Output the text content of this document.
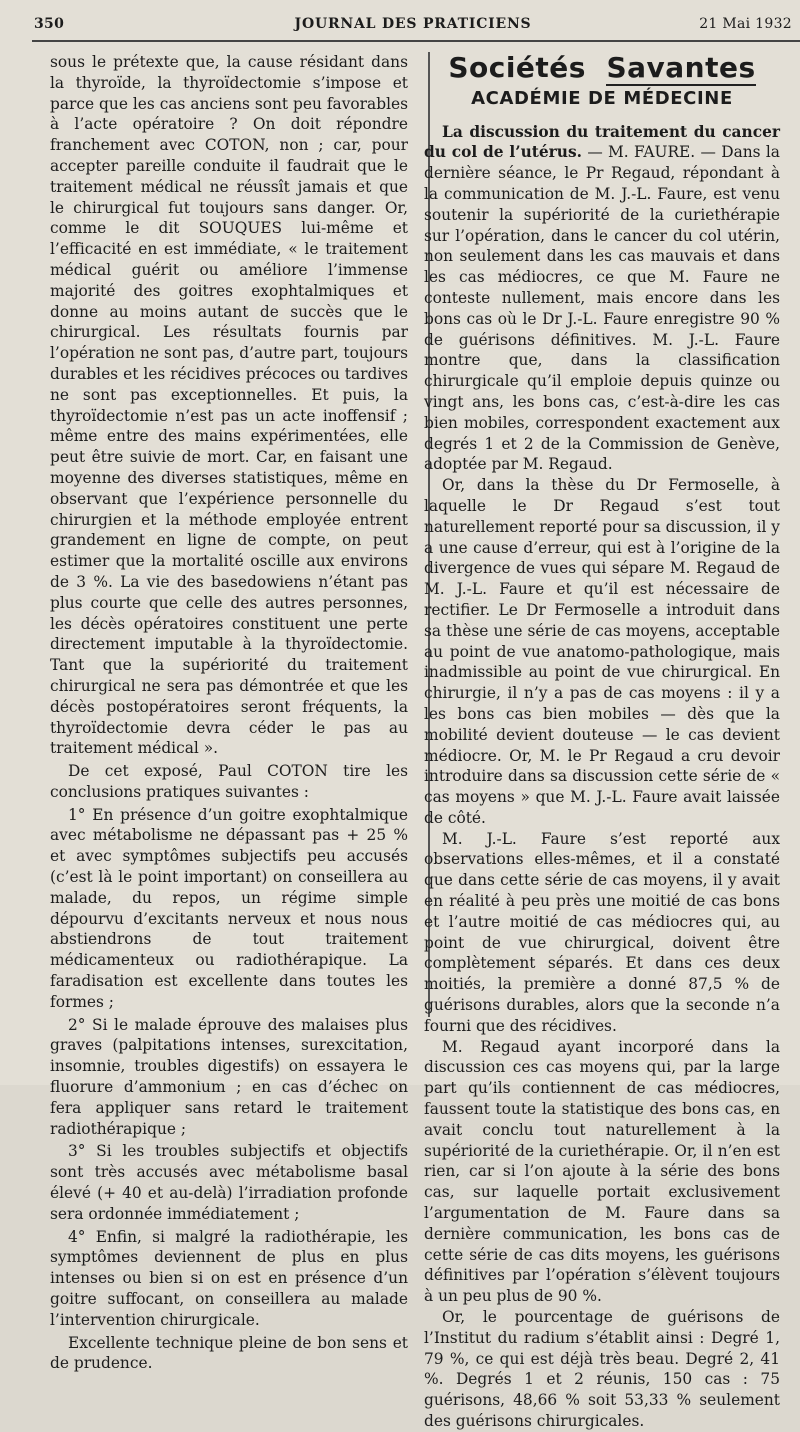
350	JOURNAL DES PRATICIENS	21 Mai 1932

sous le prétexte que, la cause résidant dans la thyroïde, la thyroïdectomie s’impose et parce que les cas anciens sont peu favorables à l’acte opératoire ? On doit répondre franchement avec COTON, non ; car, pour accepter pareille conduite il faudrait que le traitement médical ne réussît jamais et que le chirurgical fut toujours sans danger. Or, comme le dit SOUQUES lui-même et l’efficacité en est immédiate, « le traitement médical guérit ou améliore l’immense majorité des goitres exophtalmiques et donne au moins autant de succès que le chirurgical. Les résultats fournis par l’opération ne sont pas, d’autre part, toujours durables et les récidives précoces ou tardives ne sont pas exceptionnelles. Et puis, la thyroïdectomie n’est pas un acte inoffensif ; même entre des mains expérimentées, elle peut être suivie de mort. Car, en faisant une moyenne des diverses statistiques, même en observant que l’expérience personnelle du chirurgien et la méthode employée entrent grandement en ligne de compte, on peut estimer que la mortalité oscille aux environs de 3 %. La vie des basedowiens n’étant pas plus courte que celle des autres personnes, les décès opératoires constituent une perte directement imputable à la thyroïdectomie. Tant que la supériorité du traitement chirurgical ne sera pas démontrée et que les décès postopératoires seront fréquents, la thyroïdectomie devra céder le pas au traitement médical ».

De cet exposé, Paul COTON tire les conclusions pratiques suivantes :

1° En présence d’un goitre exophtalmique avec métabolisme ne dépassant pas + 25 % et avec symptômes subjectifs peu accusés (c’est là le point important) on conseillera au malade, du repos, un régime simple dépourvu d’excitants nerveux et nous nous abstiendrons de tout traitement médicamenteux ou radiothérapique. La faradisation est excellente dans toutes les formes ;

2° Si le malade éprouve des malaises plus graves (palpitations intenses, surexcitation, insomnie, troubles digestifs) on essayera le fluorure d’ammonium ; en cas d’échec on fera appliquer sans retard le traitement radiothérapique ;

3° Si les troubles subjectifs et objectifs sont très accusés avec métabolisme basal élevé (+ 40 et au-delà) l’irradiation profonde sera ordonnée immédiatement ;

4° Enfin, si malgré la radiothérapie, les symptômes deviennent de plus en plus intenses ou bien si on est en présence d’un goitre suffocant, on conseillera au malade l’intervention chirurgicale.

Excellente technique pleine de bon sens et de prudence.

Sociétés Savantes
ACADÉMIE DE MÉDECINE

La discussion du traitement du cancer du col de l’utérus. — M. FAURE. — Dans la dernière séance, le Pr Regaud, répondant à la communication de M. J.-L. Faure, est venu soutenir la supériorité de la curiethérapie sur l’opération, dans le cancer du col utérin, non seulement dans les cas mauvais et dans les cas médiocres, ce que M. Faure ne conteste nullement, mais encore dans les bons cas où le Dr J.-L. Faure enregistre 90 % de guérisons définitives. M. J.-L. Faure montre que, dans la classification chirurgicale qu’il emploie depuis quinze ou vingt ans, les bons cas, c’est-à-dire les cas bien mobiles, correspondent exactement aux degrés 1 et 2 de la Commission de Genève, adoptée par M. Regaud.

Or, dans la thèse du Dr Fermoselle, à laquelle le Dr Regaud s’est tout naturellement reporté pour sa discussion, il y a une cause d’erreur, qui est à l’origine de la divergence de vues qui sépare M. Regaud de M. J.-L. Faure et qu’il est nécessaire de rectifier. Le Dr Fermoselle a introduit dans sa thèse une série de cas moyens, acceptable au point de vue anatomo-pathologique, mais inadmissible au point de vue chirurgical. En chirurgie, il n’y a pas de cas moyens : il y a les bons cas bien mobiles — dès que la mobilité devient douteuse — le cas devient médiocre. Or, M. le Pr Regaud a cru devoir introduire dans sa discussion cette série de « cas moyens » que M. J.-L. Faure avait laissée de côté.

M. J.-L. Faure s’est reporté aux observations elles-mêmes, et il a constaté que dans cette série de cas moyens, il y avait en réalité à peu près une moitié de cas bons et l’autre moitié de cas médiocres qui, au point de vue chirurgical, doivent être complètement séparés. Et dans ces deux moitiés, la première a donné 87,5 % de guérisons durables, alors que la seconde n’a fourni que des récidives.

M. Regaud ayant incorporé dans la discussion ces cas moyens qui, par la large part qu’ils contiennent de cas médiocres, faussent toute la statistique des bons cas, en avait conclu tout naturellement à la supériorité de la curiethérapie. Or, il n’en est rien, car si l’on ajoute à la série des bons cas, sur laquelle portait exclusivement l’argumentation de M. Faure dans sa dernière communication, les bons cas de cette série de cas dits moyens, les guérisons définitives par l’opération s’élèvent toujours à un peu plus de 90 %.

Or, le pourcentage de guérisons de l’Institut du radium s’établit ainsi : Degré 1, 79 %, ce qui est déjà très beau. Degré 2, 41 %. Degrés 1 et 2 réunis, 150 cas : 75 guérisons, 48,66 % soit 53,33 % seulement des guérisons chirurgicales.
